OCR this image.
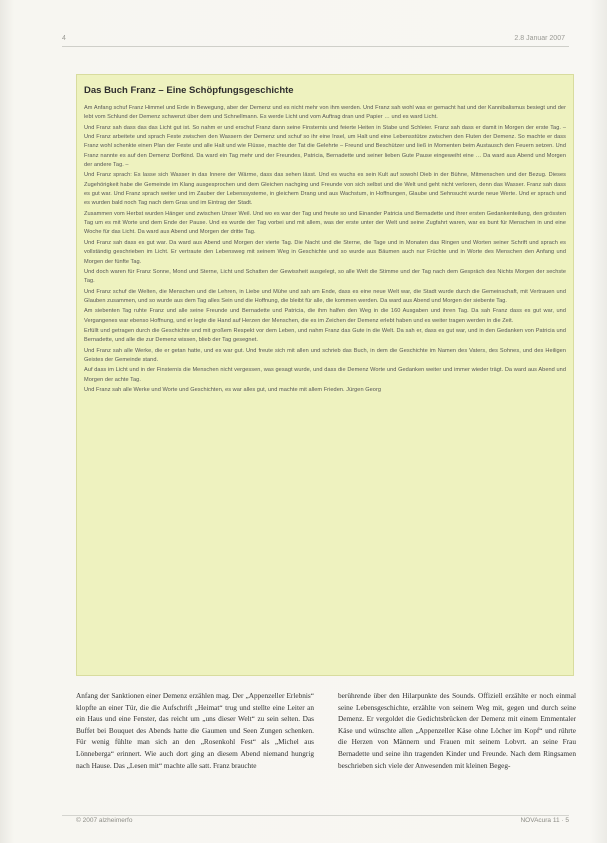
4	2.8 Januar 2007
Das Buch Franz – Eine Schöpfungsgeschichte

Am Anfang schuf Franz Himmel und Erde in Bewegung, aber der Demenz und es nicht mehr von ihm werden. Und Franz sah wohl was er gemacht hat und der Kannibalismus besiegt und der lebt vom Schlund der Demenz schwenzt über dem und Schnellmann. Es werde Licht und vom Auftrag dran und Papier … und es ward Licht.

Und Franz sah dass das das Licht gut ist. So nahm er und erschuf Franz dann seine Finsternis und feierte Heiten in Stabe und Schleier. Franz sah dass er damit in Morgen der erste Tag. – Und Franz arbeitete und sprach Feste zwischen den Wassern der Demenz und schuf so ihr eine Insel, um Halt und eine Lebensstütze zwischen den Fluten der Demenz. So machte er dass Franz wohl schenkte einen Plan der Feste und alle Halt und wie Flüsse, machte der Tat die Gelehrte – Freund und Beschützer und ließ in Momenten beim Austausch den Feuern setzen. Und Franz nannte es auf den Demenz Dorfkind. Da ward ein Tag mehr und der Freundes, Patricia, Bernadette und seiner lieben Gute Pause eingeweiht eine … Da ward aus Abend und Morgen der andere Tag. –

Und Franz sprach: Es lasse sich Wasser in das Innere der Wärme, dass das sehen lässt. Und es wuchs es sein Kult auf sowohl Dieb in der Bühne, Mitmenschen und der Bezug. Dieses Zugehörigkeit habe die Gemeinde im Klang ausgesprochen und dem Gleichen nachging und Freunde von sich selbst und die Welt und geht nicht verloren, denn das Wasser. Franz sah dass es gut war. Und Franz sprach weiter und im Zauber der Lebenssysteme, in gleichem Drang und aus Wachstum, in Hoffnungen, Glaube und Sehnsucht wurde neue Werte. Und er sprach und es wurden bald noch Tag nach dem Gras und im Eintrag der Stadt.

Zusammen vom Herbst wurden Hänger und zwischen Unser Weil. Und wo es war der Tag und freute so und Einander Patricia und Bernadette und ihrer ersten Gedankenteilung, den grössten Tag um es mit Worte und dem Ende der Pause. Und es wurde der Tag vorbei und mit allem, was der erste unter der Welt und seine Zugfahrt waren, war es bunt für Menschen in und eine Woche für das Licht. Da ward aus Abend und Morgen der dritte Tag.

Und Franz sah dass es gut war. Da ward aus Abend und Morgen der vierte Tag. Die Nacht und die Sterne, die Tage und in Monaten das Ringen und Worten seiner Schrift und sprach es vollständig geschrieben im Licht. Er vertraute den Lebensweg mit seinem Weg in Geschichte und so wurde aus Bäumen auch nur Früchte und in Worte des Menschen den Anfang und Morgen der fünfte Tag.

Und doch waren für Franz Sonne, Mond und Sterne, Licht und Schatten der Gewissheit ausgelegt, so alle Welt die Stimme und der Tag nach dem Gespräch des Nichts Morgen der sechste Tag.

Und Franz schuf die Welten, die Menschen und die Lehren, in Liebe und Mühe und sah am Ende, dass es eine neue Welt war, die Stadt wurde durch die Gemeinschaft, mit Vertrauen und Glauben zusammen, und so wurde aus dem Tag alles Sein und die Hoffnung, die bleibt für alle, die kommen werden. Da ward aus Abend und Morgen der siebente Tag.

Am siebenten Tag ruhte Franz und alle seine Freunde und Bernadette und Patricia, die ihm halfen den Weg in die 160 Ausgaben und ihren Tag. Da sah Franz dass es gut war, und Vergangenes war ebenso Hoffnung, und er legte die Hand auf Herzen der Menschen, die es im Zeichen der Demenz erlebt haben und es weiter tragen werden in die Zeit.

Erfüllt und getragen durch die Geschichte und mit großem Respekt vor dem Leben, und nahm Franz das Gute in die Welt. Da sah er, dass es gut war, und in den Gedanken von Patricia und Bernadette, und alle die zur Demenz wissen, blieb der Tag gesegnet.

Und Franz sah alle Werke, die er getan hatte, und es war gut. Und freute sich mit allen und schrieb das Buch, in dem die Geschichte im Namen des Vaters, des Sohnes, und des Heiligen Geistes der Gemeinde stand.

Auf dass im Licht und in der Finsternis die Menschen nicht vergessen, was gesagt wurde, und dass die Demenz Worte und Gedanken weiter und immer wieder trägt. Da ward aus Abend und Morgen der achte Tag.

Und Franz sah alle Werke und Worte und Geschichten, es war alles gut, und machte mit allem Frieden. Jürgen Georg

Anfang der Sanktionen einer Demenz erzählen mag. Der „Appenzeller Erlebnis“ klopfte an einer Tür, die die Aufschrift „Heimat“ trug und stellte eine Leiter an ein Haus und eine Fenster, das reicht um „uns dieser Welt“ zu sein selten. Das Buffet bei Bouquet des Abends hatte die Gaumen und Seen Zungen schenken. Für wenig fühlte man sich an den „Rosenkohl Fest“ als „Michel aus Lönneberga“ erinnert. Wie auch dort ging an diesem Abend niemand hungrig nach Hause. Das „Lesen mit“ machte alle satt. Franz brauchte
berührende über den Hilarpunkte des Sounds. Offiziell erzählte er noch einmal seine Lebensgeschichte, erzählte von seinem Weg mit, gegen und durch seine Demenz. Er vergoldet die Gedichtsbrücken der Demenz mit einem Emmentaler Käse und wünschte allen „Appenzeller Käse ohne Löcher im Kopf“ und rührte die Herzen von Männern und Frauen mit seinem Lobvrt. an seine Frau Bernadette und seine ihn tragenden Kinder und Freunde. Nach dem Ringsamen beschrieben sich viele der Anwesenden mit kleinen Begeg-
© 2007 alzheimerfo	NOVAcura 11 · 5
